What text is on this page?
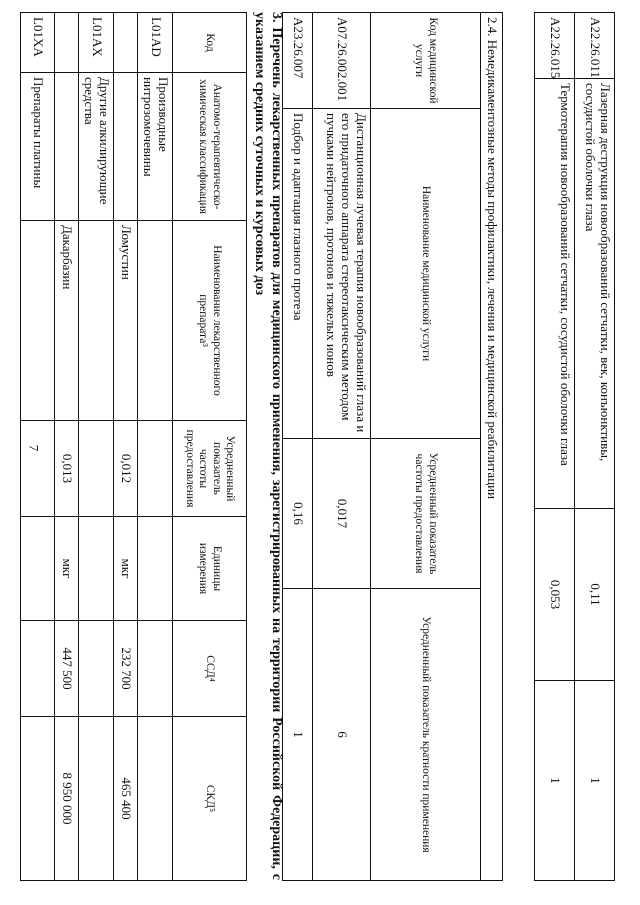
7
A22.26.011	Лазерная деструкция новообразований сетчатки, век, конъюнктивы, сосудистой оболочки глаза	0,11	1
A22.26.015	Термотерапия новообразований сетчатки, сосудистой оболочки глаза	0,053	1
2.4. Немедикаментозные методы профилактики, лечения и медицинской реабилитации			
Код медицинской услуги	Наименование медицинской услуги	Усредненный показатель частоты предоставления	Усредненный показатель кратности применения
A07.26.002.001	Дистанционная лучевая терапия новообразований глаза и его придаточного аппарата стереотаксическим методом пучками нейтронов, протонов и тяжелых ионов	0,017	6
A23.26.007	Подбор и адаптация глазного протеза	0,16	1
3. Перечень лекарственных препаратов для медицинского применения, зарегистрированных на территории Российской Федерации, с указанием средних суточных и курсовых доз
Код	Анатомо-терапевтическо-химическая классификация	Наименование лекарственного препарата³	Усредненный показатель частоты предоставления	Единицы измерения	ССД⁴	СКД⁵
L01AD	Производные нитрозомочевины					
		Ломустин	0,012	мкг	232 700	465 400
L01AX	Другие алкилирующие средства					
		Дакарбазин	0,013	мкг	447 500	8 950 000
L01XA	Препараты платины					
